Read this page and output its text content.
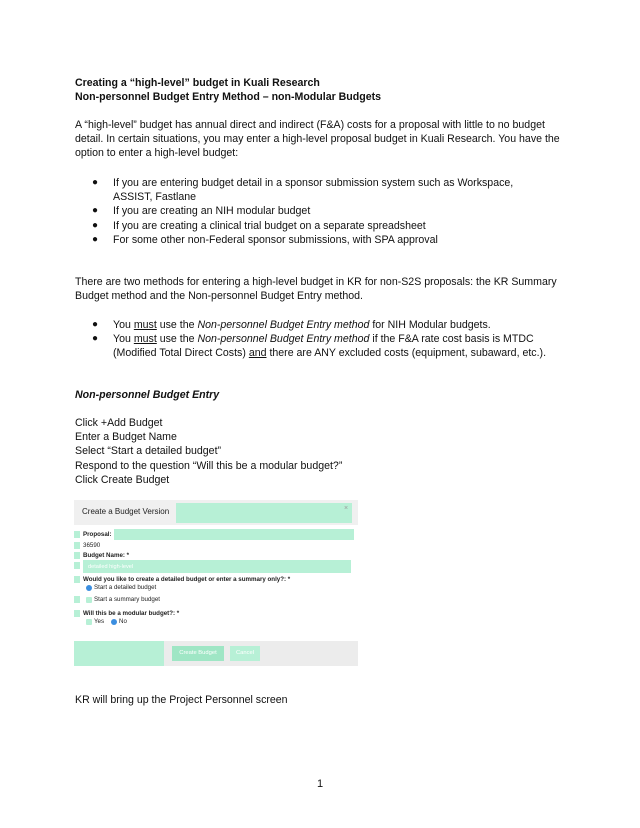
Creating a “high-level” budget in Kuali Research
Non-personnel Budget Entry Method – non-Modular Budgets
A “high-level” budget has annual direct and indirect (F&A) costs for a proposal with little to no budget detail. In certain situations, you may enter a high-level proposal budget in Kuali Research. You have the option to enter a high-level budget:
● If you are entering budget detail in a sponsor submission system such as Workspace, ASSIST, Fastlane
● If you are creating an NIH modular budget
● If you are creating a clinical trial budget on a separate spreadsheet
● For some other non-Federal sponsor submissions, with SPA approval
There are two methods for entering a high-level budget in KR for non-S2S proposals: the KR Summary Budget method and the Non-personnel Budget Entry method.
● You must use the Non-personnel Budget Entry method for NIH Modular budgets.
● You must use the Non-personnel Budget Entry method if the F&A rate cost basis is MTDC (Modified Total Direct Costs) and there are ANY excluded costs (equipment, subaward, etc.).
Non-personnel Budget Entry
Click +Add Budget
Enter a Budget Name
Select “Start a detailed budget”
Respond to the question “Will this be a modular budget?”
Click Create Budget
Create a Budget Version	×
Proposal:
36590
Budget Name: *
detailed high-level
Would you like to create a detailed budget or enter a summary only?: *
Start a detailed budget
Start a summary budget
Will this be a modular budget?: *
Yes No
Create Budget	Cancel
KR will bring up the Project Personnel screen
1
